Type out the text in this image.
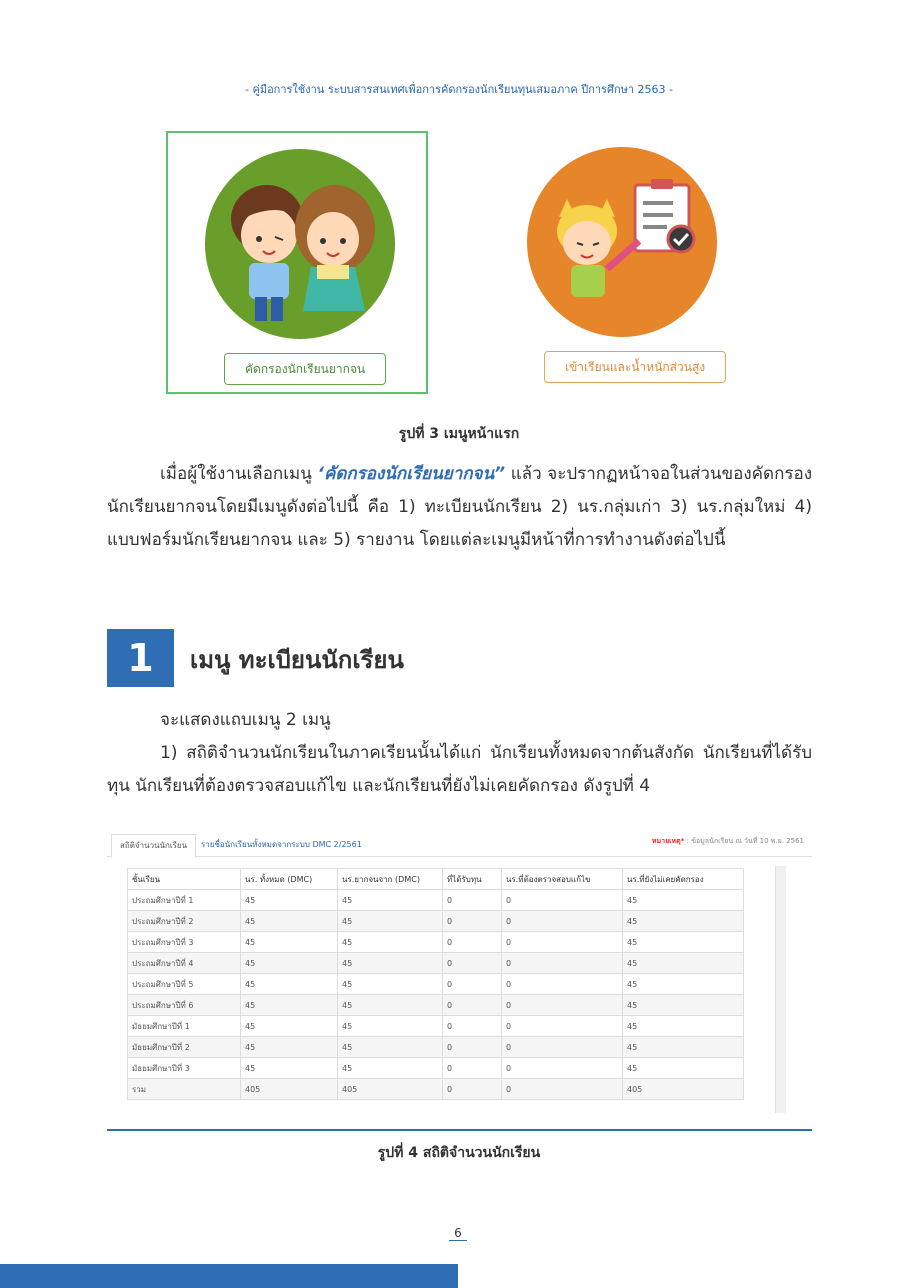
- คู่มือการใช้งาน ระบบสารสนเทศเพื่อการคัดกรองนักเรียนทุนเสมอภาค ปีการศึกษา 2563 -
คัดกรองนักเรียนยากจน	เข้าเรียนและน้ำหนักส่วนสูง
รูปที่ 3 เมนูหน้าแรก
เมื่อผู้ใช้งานเลือกเมนู ‘คัดกรองนักเรียนยากจน” แล้ว จะปรากฏหน้าจอในส่วนของคัดกรองนักเรียนยากจนโดยมีเมนูดังต่อไปนี้ คือ 1) ทะเบียนนักเรียน 2) นร.กลุ่มเก่า 3) นร.กลุ่มใหม่ 4) แบบฟอร์มนักเรียนยากจน และ 5) รายงาน โดยแต่ละเมนูมีหน้าที่การทำงานดังต่อไปนี้
1	เมนู ทะเบียนนักเรียน
จะแสดงแถบเมนู 2 เมนู
1) สถิติจำนวนนักเรียนในภาคเรียนนั้นได้แก่ นักเรียนทั้งหมดจากต้นสังกัด นักเรียนที่ได้รับทุน นักเรียนที่ต้องตรวจสอบแก้ไข และนักเรียนที่ยังไม่เคยคัดกรอง ดังรูปที่ 4
สถิติจำนวนนักเรียน	รายชื่อนักเรียนทั้งหมดจากระบบ DMC 2/2561	หมายเหตุ* : ข้อมูลนักเรียน ณ วันที่ 10 พ.ย. 2561
ชั้นเรียน	นร. ทั้งหมด (DMC)	นร.ยากจนจาก (DMC)	ที่ได้รับทุน	นร.ที่ต้องตรวจสอบแก้ไข	นร.ที่ยังไม่เคยคัดกรอง
ประถมศึกษาปีที่ 1	45	45	0	0	45
ประถมศึกษาปีที่ 2	45	45	0	0	45
ประถมศึกษาปีที่ 3	45	45	0	0	45
ประถมศึกษาปีที่ 4	45	45	0	0	45
ประถมศึกษาปีที่ 5	45	45	0	0	45
ประถมศึกษาปีที่ 6	45	45	0	0	45
มัธยมศึกษาปีที่ 1	45	45	0	0	45
มัธยมศึกษาปีที่ 2	45	45	0	0	45
มัธยมศึกษาปีที่ 3	45	45	0	0	45
รวม	405	405	0	0	405
รูปที่ 4 สถิติจำนวนนักเรียน
6
